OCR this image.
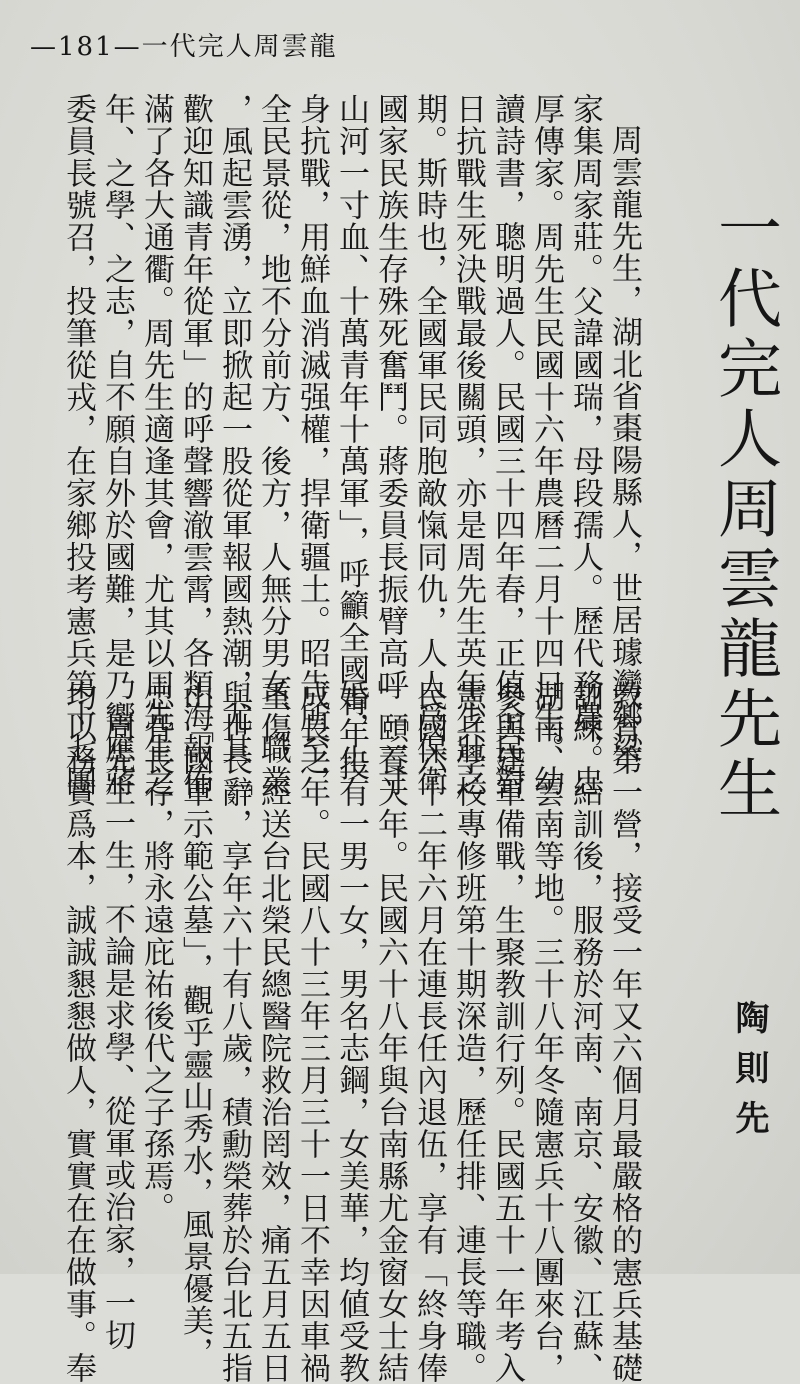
—181—一代完人周雲龍
一代完人周雲龍先生
陶則先
周雲龍先生，湖北省棗陽縣人，世居璩灣鄉梁
家集周家莊。父諱國瑞，母段孺人。歷代務農，忠
厚傳家。周先生民國十六年農曆二月十四日生。幼
讀詩書，聰明過人。民國三十四年春，正值全民對
日抗戰生死決戰最後關頭，亦是周先生英年少壯之
期。斯時也，全國軍民同胞敵愾同仇，人人爲保衛
國家民族生存殊死奮鬥。蔣委員長振臂高呼「一寸
山河一寸血、十萬青年十萬軍」，呼籲全國青年投
身抗戰，用鮮血消滅强權，捍衛疆土。昭告所至，
全民景從，地不分前方、後方，人無分男女、職業
，風起雲湧，立即掀起一股從軍報國熱潮，尤其「
歡迎知識青年從軍」的呼聲響澈雲霄，各類海報佈
滿了各大通衢。周先生適逢其會，尤其以周先生之
年、之學、之志，自不願自外於國難，是乃響應蔣
委員長號召，投筆從戎，在家鄉投考憲兵第十七團
教育第一營，接受一年又六個月最嚴格的憲兵基礎
訓練。結訓後，服務於河南、南京、安徽、江蘇、
湖南、雲南等地。三十八年冬隨憲兵十八團來台，
參與建軍備戰，生聚教訓行列。民國五十一年考入
憲兵學校專修班第十期深造，歷任排、連長等職。
民國六十二年六月在連長任內退伍，享有「終身俸
」頤養天年。民國六十八年與台南縣尤金窗女士結
婚，生有一男一女，男名志鋼，女美華，均値受教
成長之年。民國八十三年三月三十一日不幸因車禍
重傷，經送台北榮民總醫院救治罔效，痛五月五日
與世長辭，享年六十有八歲，積勳榮葬於台北五指
山「國軍示範公墓」，觀乎靈山秀水，風景優美，
忠骨長存，將永遠庇祐後代之子孫焉。
周先生一生，不論是求學、從軍或治家，一切
均以務實爲本，誠誠懇懇做人，實實在在做事。奉
